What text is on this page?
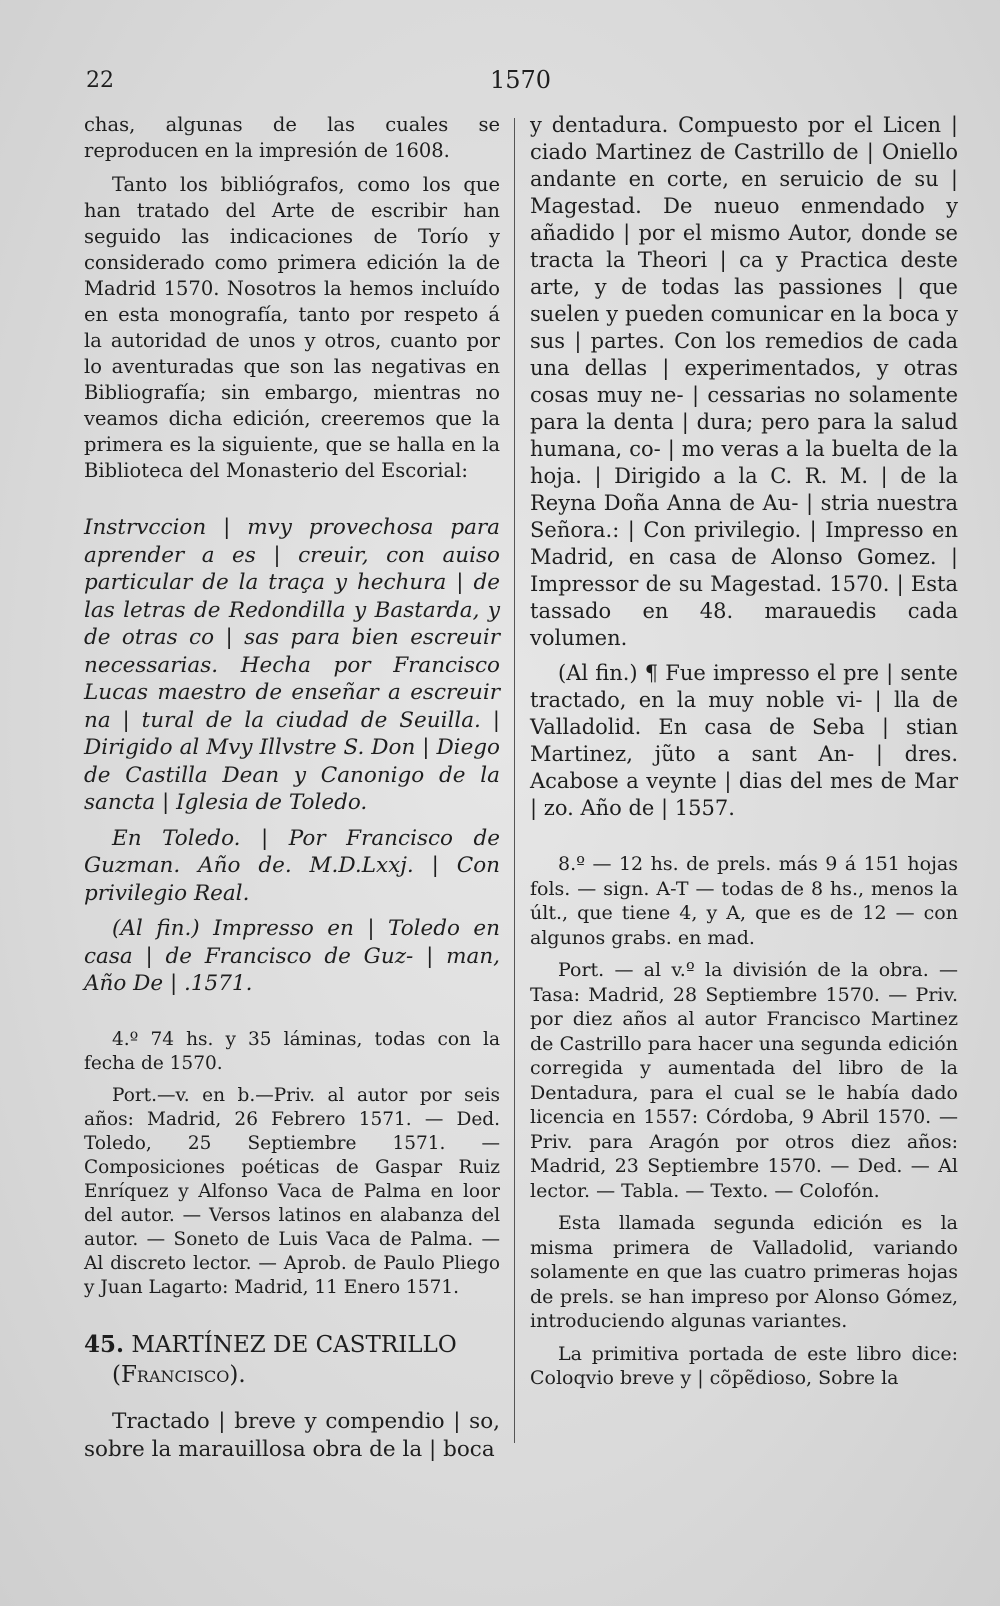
22	1570

chas, algunas de las cuales se reproducen en la impresión de 1608.

Tanto los bibliógrafos, como los que han tratado del Arte de escribir han seguido las indicaciones de Torío y considerado como primera edición la de Madrid 1570. Nosotros la hemos incluído en esta monografía, tanto por respeto á la autoridad de unos y otros, cuanto por lo aventuradas que son las negativas en Bibliografía; sin embargo, mientras no veamos dicha edición, creeremos que la primera es la siguiente, que se halla en la Biblioteca del Monasterio del Escorial:

Instrvccion | mvy provechosa para aprender a es | creuir, con auiso particular de la traça y hechura | de las letras de Redondilla y Bastarda, y de otras co | sas para bien escreuir necessarias. Hecha por Francisco Lucas maestro de enseñar a escreuir na | tural de la ciudad de Seuilla. | Dirigido al Mvy Illvstre S. Don | Diego de Castilla Dean y Canonigo de la sancta | Iglesia de Toledo.

En Toledo. | Por Francisco de Guzman. Año de. M.D.Lxxj. | Con privilegio Real.

(Al fin.) Impresso en | Toledo en casa | de Francisco de Guz- | man, Año De | .1571.

4.º 74 hs. y 35 láminas, todas con la fecha de 1570.

Port.—v. en b.—Priv. al autor por seis años: Madrid, 26 Febrero 1571. — Ded. Toledo, 25 Septiembre 1571. — Composiciones poéticas de Gaspar Ruiz Enríquez y Alfonso Vaca de Palma en loor del autor. — Versos latinos en alabanza del autor. — Soneto de Luis Vaca de Palma. — Al discreto lector. — Aprob. de Paulo Pliego y Juan Lagarto: Madrid, 11 Enero 1571.

45. MARTÍNEZ DE CASTRILLO
(Francisco).

Tractado | breve y compendio | so, sobre la marauillosa obra de la | boca

y dentadura. Compuesto por el Licen | ciado Martinez de Castrillo de | Oniello andante en corte, en seruicio de su | Magestad. De nueuo enmendado y añadido | por el mismo Autor, donde se tracta la Theori | ca y Practica deste arte, y de todas las passiones | que suelen y pueden comunicar en la boca y sus | partes. Con los remedios de cada una dellas | experimentados, y otras cosas muy ne- | cessarias no solamente para la denta | dura; pero para la salud humana, co- | mo veras a la buelta de la hoja. | Dirigido a la C. R. M. | de la Reyna Doña Anna de Au- | stria nuestra Señora.: | Con privilegio. | Impresso en Madrid, en casa de Alonso Gomez. | Impressor de su Magestad. 1570. | Esta tassado en 48. marauedis cada volumen.

(Al fin.) ¶ Fue impresso el pre | sente tractado, en la muy noble vi- | lla de Valladolid. En casa de Seba | stian Martinez, jũto a sant An- | dres. Acabose a veynte | dias del mes de Mar | zo. Año de | 1557.

8.º — 12 hs. de prels. más 9 á 151 hojas fols. — sign. A-T — todas de 8 hs., menos la últ., que tiene 4, y A, que es de 12 — con algunos grabs. en mad.

Port. — al v.º la división de la obra. — Tasa: Madrid, 28 Septiembre 1570. — Priv. por diez años al autor Francisco Martinez de Castrillo para hacer una segunda edición corregida y aumentada del libro de la Dentadura, para el cual se le había dado licencia en 1557: Córdoba, 9 Abril 1570. — Priv. para Aragón por otros diez años: Madrid, 23 Septiembre 1570. — Ded. — Al lector. — Tabla. — Texto. — Colofón.

Esta llamada segunda edición es la misma primera de Valladolid, variando solamente en que las cuatro primeras hojas de prels. se han impreso por Alonso Gómez, introduciendo algunas variantes.

La primitiva portada de este libro dice: Coloqvio breve y | cõpẽdioso, Sobre la
